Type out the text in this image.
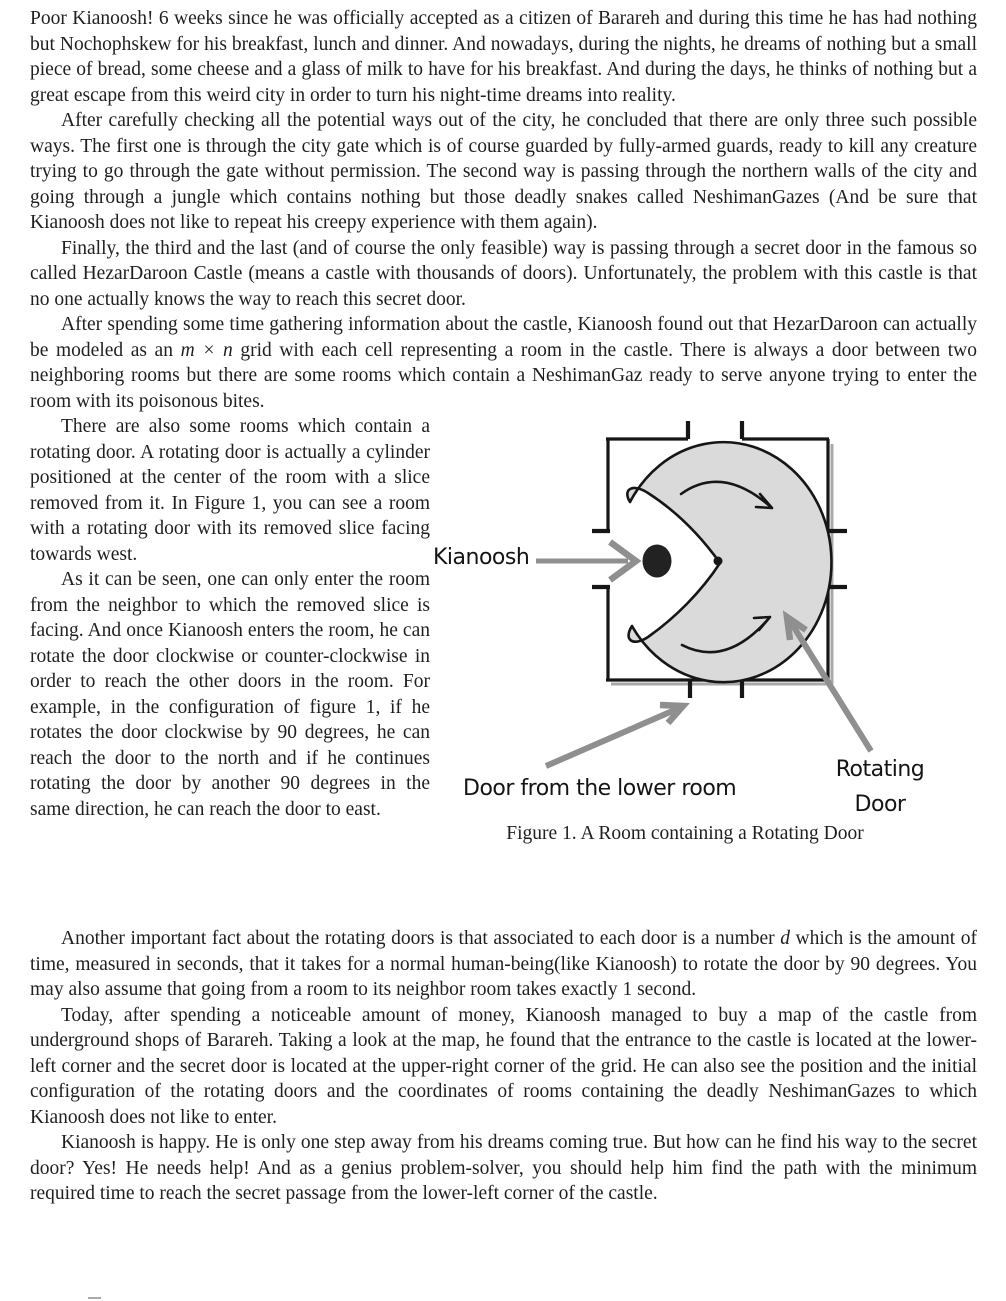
Poor Kianoosh! 6 weeks since he was officially accepted as a citizen of Barareh and during this time he has had nothing but Nochophskew for his breakfast, lunch and dinner. And nowadays, during the nights, he dreams of nothing but a small piece of bread, some cheese and a glass of milk to have for his breakfast. And during the days, he thinks of nothing but a great escape from this weird city in order to turn his night-time dreams into reality.

After carefully checking all the potential ways out of the city, he concluded that there are only three such possible ways. The first one is through the city gate which is of course guarded by fully-armed guards, ready to kill any creature trying to go through the gate without permission. The second way is passing through the northern walls of the city and going through a jungle which contains nothing but those deadly snakes called NeshimanGazes (And be sure that Kianoosh does not like to repeat his creepy experience with them again).

Finally, the third and the last (and of course the only feasible) way is passing through a secret door in the famous so called HezarDaroon Castle (means a castle with thousands of doors). Unfortunately, the problem with this castle is that no one actually knows the way to reach this secret door.

After spending some time gathering information about the castle, Kianoosh found out that HezarDaroon can actually be modeled as an m × n grid with each cell representing a room in the castle. There is always a door between two neighboring rooms but there are some rooms which contain a NeshimanGaz ready to serve anyone trying to enter the room with its poisonous bites.

Kianoosh
Door from the lower room
Rotating
Door
Figure 1. A Room containing a Rotating Door

There are also some rooms which contain a rotating door. A rotating door is actually a cylinder positioned at the center of the room with a slice removed from it. In Figure 1, you can see a room with a rotating door with its removed slice facing towards west.

As it can be seen, one can only enter the room from the neighbor to which the removed slice is facing. And once Kianoosh enters the room, he can rotate the door clockwise or counter-clockwise in order to reach the other doors in the room. For example, in the configuration of figure 1, if he rotates the door clockwise by 90 degrees, he can reach the door to the north and if he continues rotating the door by another 90 degrees in the same direction, he can reach the door to east.

Another important fact about the rotating doors is that associated to each door is a number d which is the amount of time, measured in seconds, that it takes for a normal human-being(like Kianoosh) to rotate the door by 90 degrees. You may also assume that going from a room to its neighbor room takes exactly 1 second.

Today, after spending a noticeable amount of money, Kianoosh managed to buy a map of the castle from underground shops of Barareh. Taking a look at the map, he found that the entrance to the castle is located at the lower-left corner and the secret door is located at the upper-right corner of the grid. He can also see the position and the initial configuration of the rotating doors and the coordinates of rooms containing the deadly NeshimanGazes to which Kianoosh does not like to enter.

Kianoosh is happy. He is only one step away from his dreams coming true. But how can he find his way to the secret door? Yes! He needs help! And as a genius problem-solver, you should help him find the path with the minimum required time to reach the secret passage from the lower-left corner of the castle.
